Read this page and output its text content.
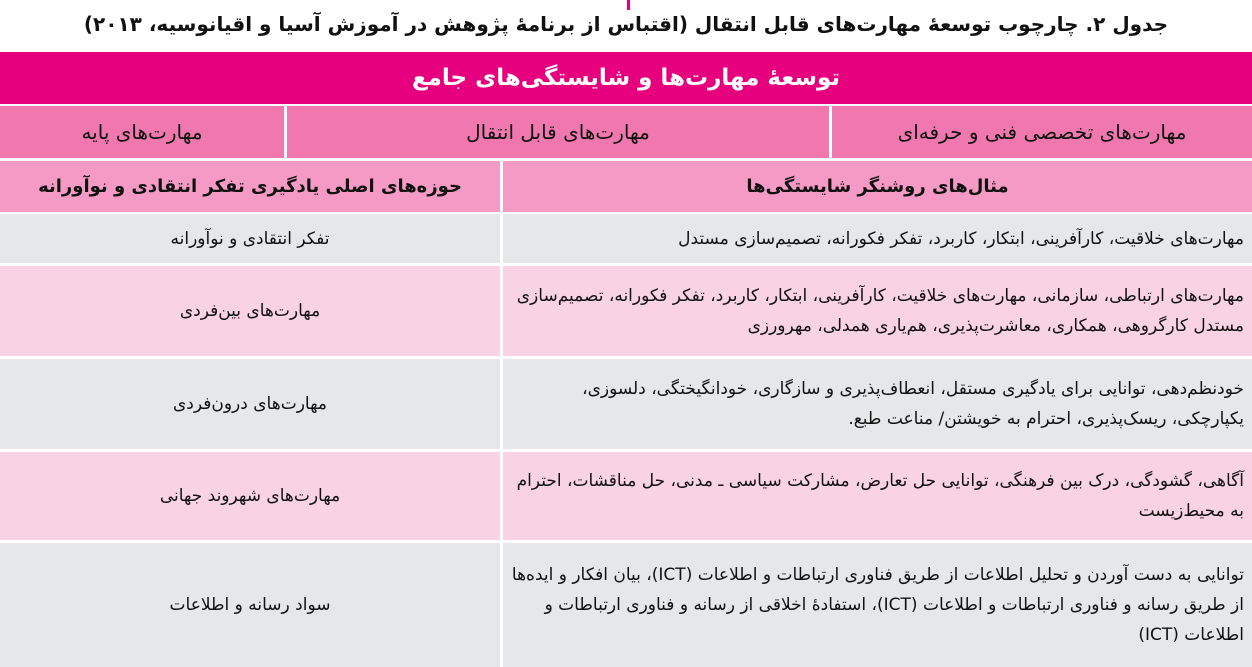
جدول ۲. چارچوب توسعهٔ مهارت‌های قابل انتقال (اقتباس از برنامهٔ پژوهش در آموزش آسیا و اقیانوسیه، ۲۰۱۳)
توسعهٔ مهارت‌ها و شایستگی‌های جامع
مهارت‌های تخصصی فنی و حرفه‌ای
مهارت‌های قابل انتقال
مهارت‌های پایه
مثال‌های روشنگر شایستگی‌ها
حوزه‌های اصلی یادگیری تفکر انتقادی و نوآورانه
مهارت‌های خلاقیت، کارآفرینی، ابتکار، کاربرد، تفکر فکورانه، تصمیم‌سازی مستدل
تفکر انتقادی و نوآورانه
مهارت‌های ارتباطی، سازمانی، مهارت‌های خلاقیت، کارآفرینی، ابتکار، کاربرد، تفکر فکورانه، تصمیم‌سازی مستدل کارگروهی، همکاری، معاشرت‌پذیری، هم‌یاری همدلی، مهرورزی
مهارت‌های بین‌فردی
خودنظم‌دهی، توانایی برای یادگیری مستقل، انعطاف‌پذیری و سازگاری، خودانگیختگی، دلسوزی، یکپارچکی، ریسک‌پذیری، احترام به خویشتن/ مناعت طبع.
مهارت‌های درون‌فردی
آگاهی، گشودگی، درک بین فرهنگی، توانایی حل تعارض، مشارکت سیاسی ـ مدنی، حل مناقشات، احترام به محیط‌زیست
مهارت‌های شهروند جهانی
توانایی به دست آوردن و تحلیل اطلاعات از طریق فناوری ارتباطات و اطلاعات (ICT)، بیان افکار و ایده‌ها از طریق رسانه و فناوری ارتباطات و اطلاعات (ICT)، استفادهٔ اخلاقی از رسانه و فناوری ارتباطات و اطلاعات (ICT)
سواد رسانه و اطلاعات
